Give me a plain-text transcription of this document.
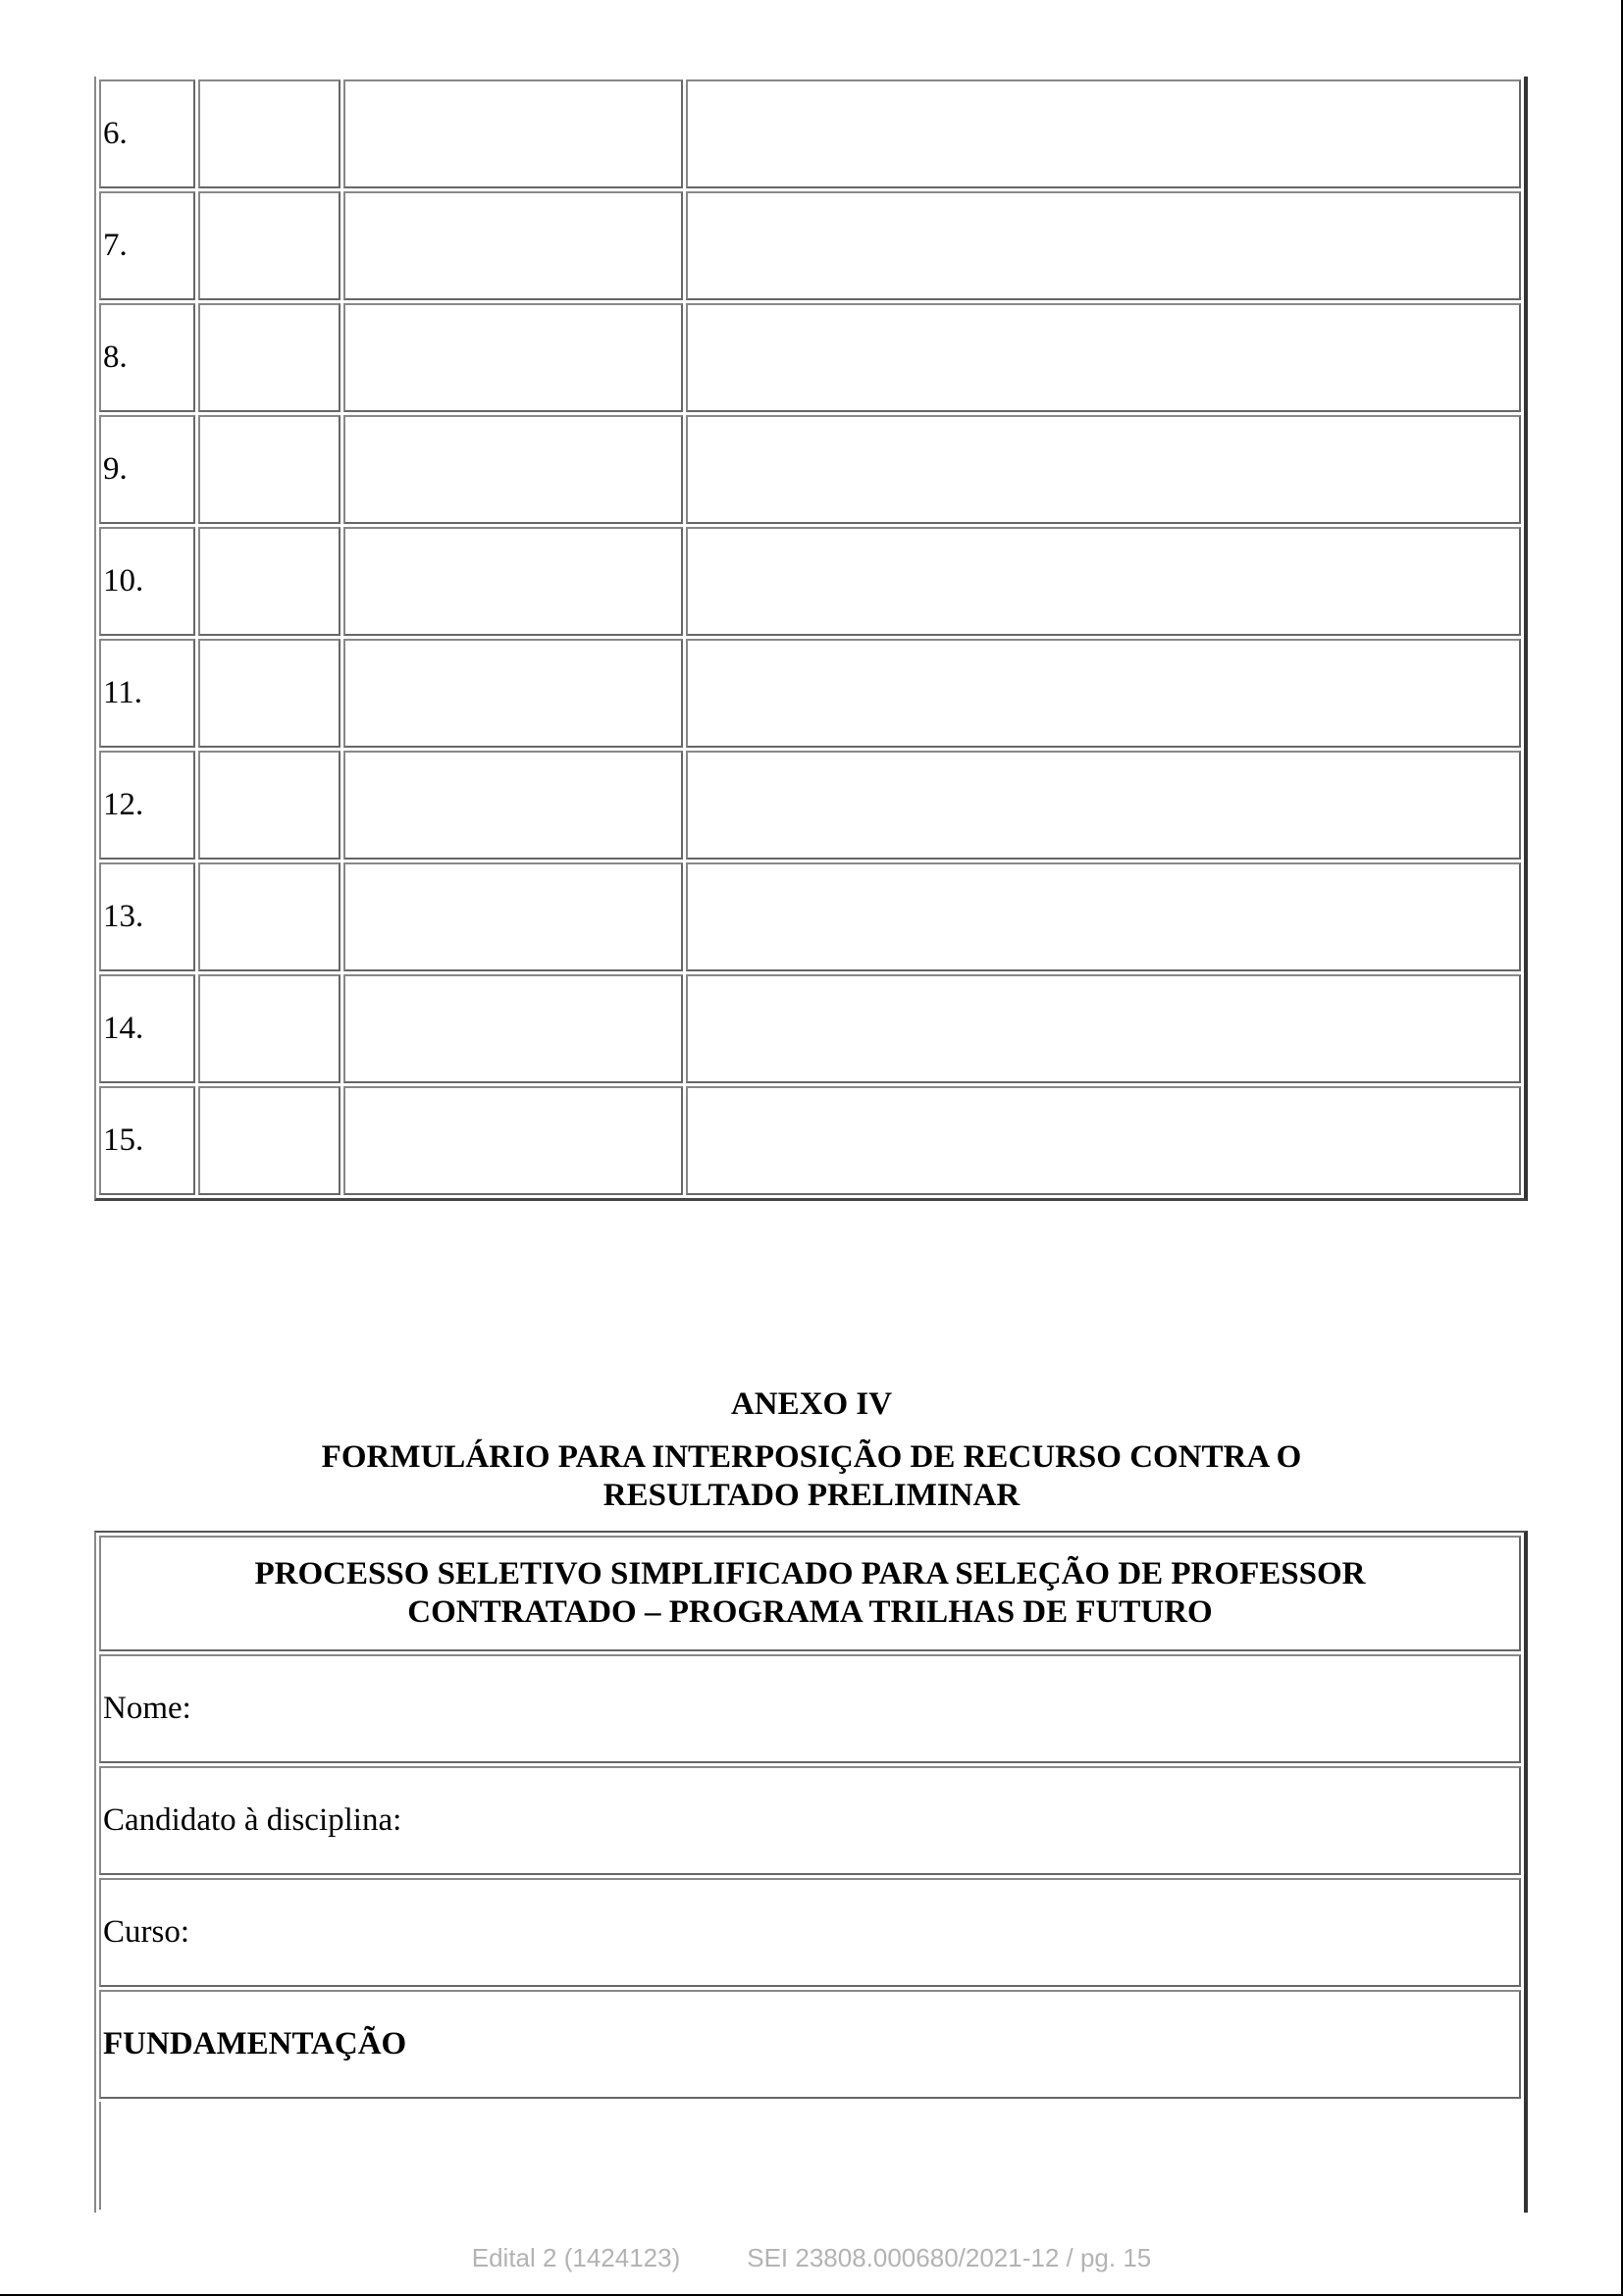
6.			
7.			
8.			
9.			
10.			
11.			
12.			
13.			
14.			
15.			
ANEXO IV
FORMULÁRIO PARA INTERPOSIÇÃO DE RECURSO CONTRA O RESULTADO PRELIMINAR
PROCESSO SELETIVO SIMPLIFICADO PARA SELEÇÃO DE PROFESSOR CONTRATADO – PROGRAMA TRILHAS DE FUTURO
Nome:
Candidato à disciplina:
Curso:
FUNDAMENTAÇÃO

Edital 2 (1424123)	SEI 23808.000680/2021-12 / pg. 15
